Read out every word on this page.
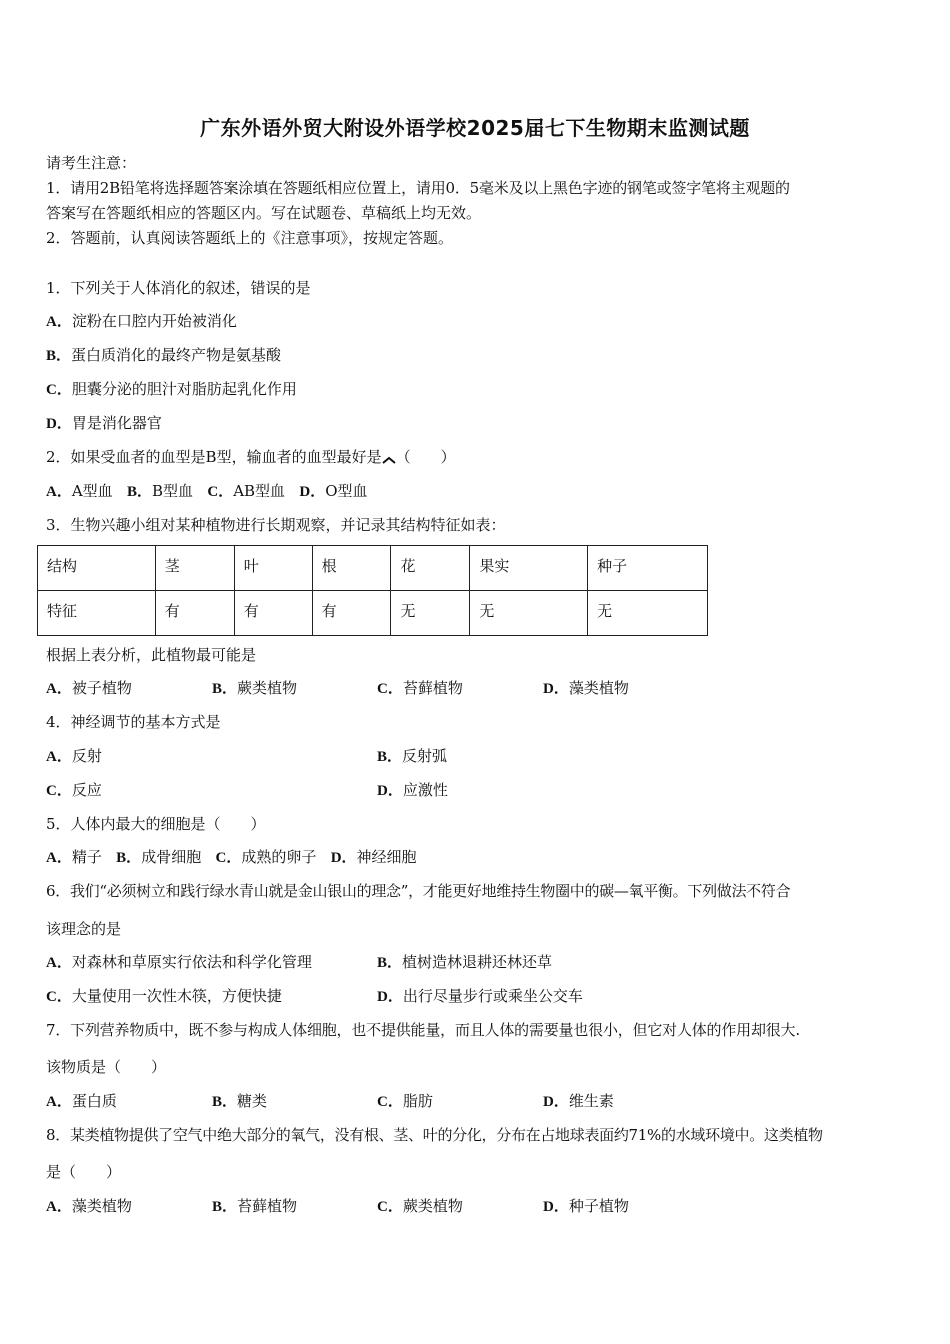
广东外语外贸大附设外语学校2025届七下生物期末监测试题
请考生注意：
1．请用2B铅笔将选择题答案涂填在答题纸相应位置上，请用0．5毫米及以上黑色字迹的钢笔或签字笔将主观题的
答案写在答题纸相应的答题区内。写在试题卷、草稿纸上均无效。
2．答题前，认真阅读答题纸上的《注意事项》，按规定答题。
1．下列关于人体消化的叙述，错误的是
A．淀粉在口腔内开始被消化
B．蛋白质消化的最终产物是氨基酸
C．胆囊分泌的胆汁对脂肪起乳化作用
D．胃是消化器官
2．如果受血者的血型是B型，输血者的血型最好是 （　　）
A．A型血 B．B型血 C．AB型血 D．O型血
3．生物兴趣小组对某种植物进行长期观察，并记录其结构特征如表：
结构	茎	叶	根	花	果实	种子
特征	有	有	有	无	无	无
根据上表分析，此植物最可能是
A．被子植物	B．蕨类植物	C．苔藓植物	D．藻类植物
4．神经调节的基本方式是
A．反射	B．反射弧
C．反应	D．应激性
5．人体内最大的细胞是（　　）
A．精子 B．成骨细胞 C．成熟的卵子 D．神经细胞
6．我们“必须树立和践行绿水青山就是金山银山的理念”，才能更好地维持生物圈中的碳—氧平衡。下列做法不符合
该理念的是
A．对森林和草原实行依法和科学化管理	B．植树造林退耕还林还草
C．大量使用一次性木筷，方便快捷	D．出行尽量步行或乘坐公交车
7．下列营养物质中，既不参与构成人体细胞，也不提供能量，而且人体的需要量也很小，但它对人体的作用却很大.
该物质是（　　）
A．蛋白质	B．糖类	C．脂肪	D．维生素
8．某类植物提供了空气中绝大部分的氧气，没有根、茎、叶的分化，分布在占地球表面约71%的水域环境中。这类植物
是（　　）
A．藻类植物	B．苔藓植物	C．蕨类植物	D．种子植物
